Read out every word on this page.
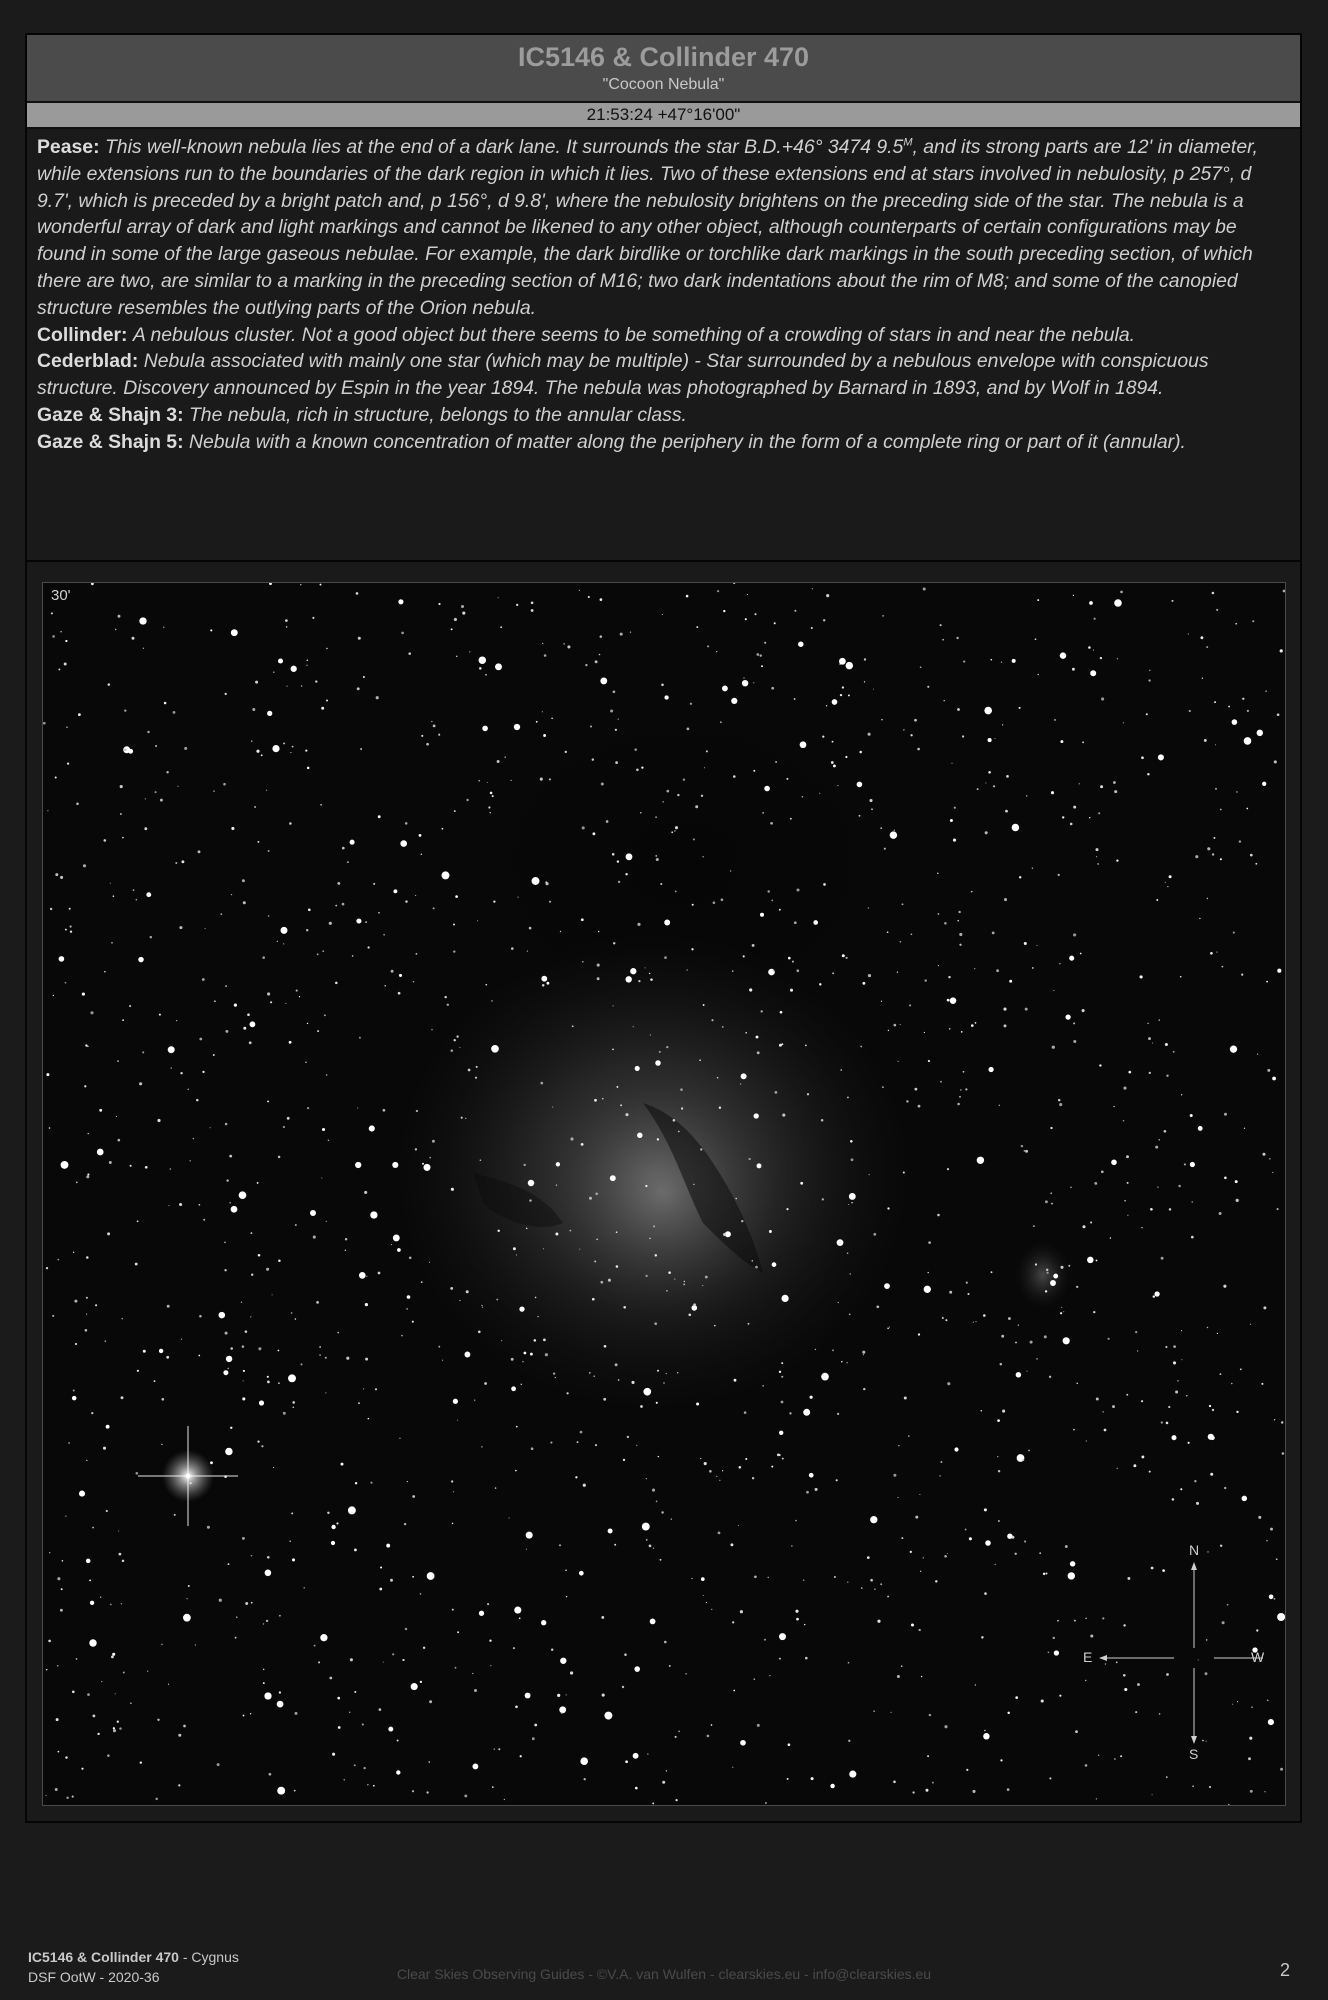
IC5146 & Collinder 470
"Cocoon Nebula"
21:53:24 +47°16'00"
Pease: This well-known nebula lies at the end of a dark lane. It surrounds the star B.D.+46° 3474 $9.5^M$, and its strong parts are 12' in diameter, while extensions run to the boundaries of the dark region in which it lies. Two of these extensions end at stars involved in nebulosity, p 257°, d 9.7', which is preceded by a bright patch and, p 156°, d 9.8', where the nebulosity brightens on the preceding side of the star. The nebula is a wonderful array of dark and light markings and cannot be likened to any other object, although counterparts of certain configurations may be found in some of the large gaseous nebulae. For example, the dark birdlike or torchlike dark markings in the south preceding section, of which there are two, are similar to a marking in the preceding section of M16; two dark indentations about the rim of M8; and some of the canopied structure resembles the outlying parts of the Orion nebula.
Collinder: A nebulous cluster. Not a good object but there seems to be something of a crowding of stars in and near the nebula.
Cederblad: Nebula associated with mainly one star (which may be multiple) - Star surrounded by a nebulous envelope with conspicuous structure. Discovery announced by Espin in the year 1894. The nebula was photographed by Barnard in 1893, and by Wolf in 1894.
Gaze & Shajn 3: The nebula, rich in structure, belongs to the annular class.
Gaze & Shajn 5: Nebula with a known concentration of matter along the periphery in the form of a complete ring or part of it (annular).
30'
N
S
E	W
IC5146 & Collinder 470 - Cygnus
DSF OotW - 2020-36	Clear Skies Observing Guides - ©V.A. van Wulfen - clearskies.eu - info@clearskies.eu	2
